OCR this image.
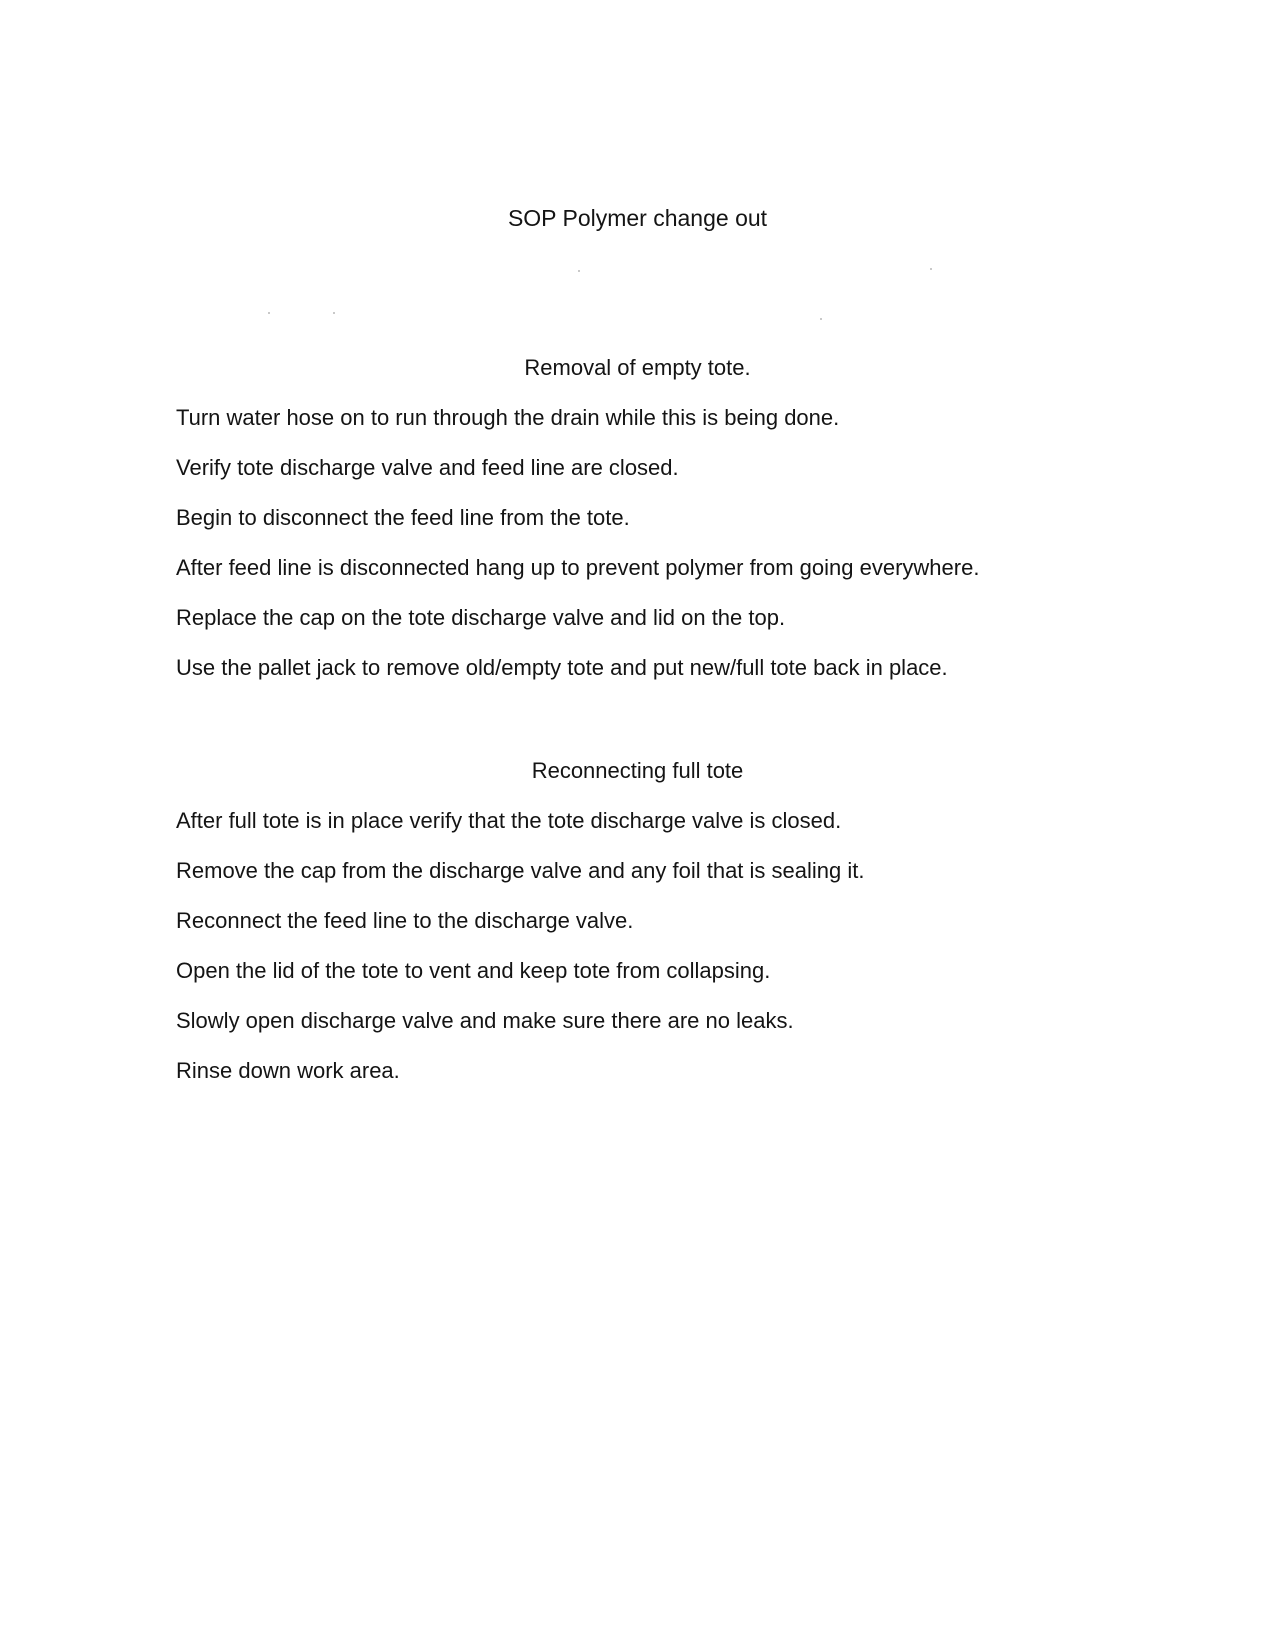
SOP Polymer change out
Removal of empty tote.
Turn water hose on to run through the drain while this is being done.
Verify tote discharge valve and feed line are closed.
Begin to disconnect the feed line from the tote.
After feed line is disconnected hang up to prevent polymer from going everywhere.
Replace the cap on the tote discharge valve and lid on the top.
Use the pallet jack to remove old/empty tote and put new/full tote back in place.
Reconnecting full tote
After full tote is in place verify that the tote discharge valve is closed.
Remove the cap from the discharge valve and any foil that is sealing it.
Reconnect the feed line to the discharge valve.
Open the lid of the tote to vent and keep tote from collapsing.
Slowly open discharge valve and make sure there are no leaks.
Rinse down work area.
